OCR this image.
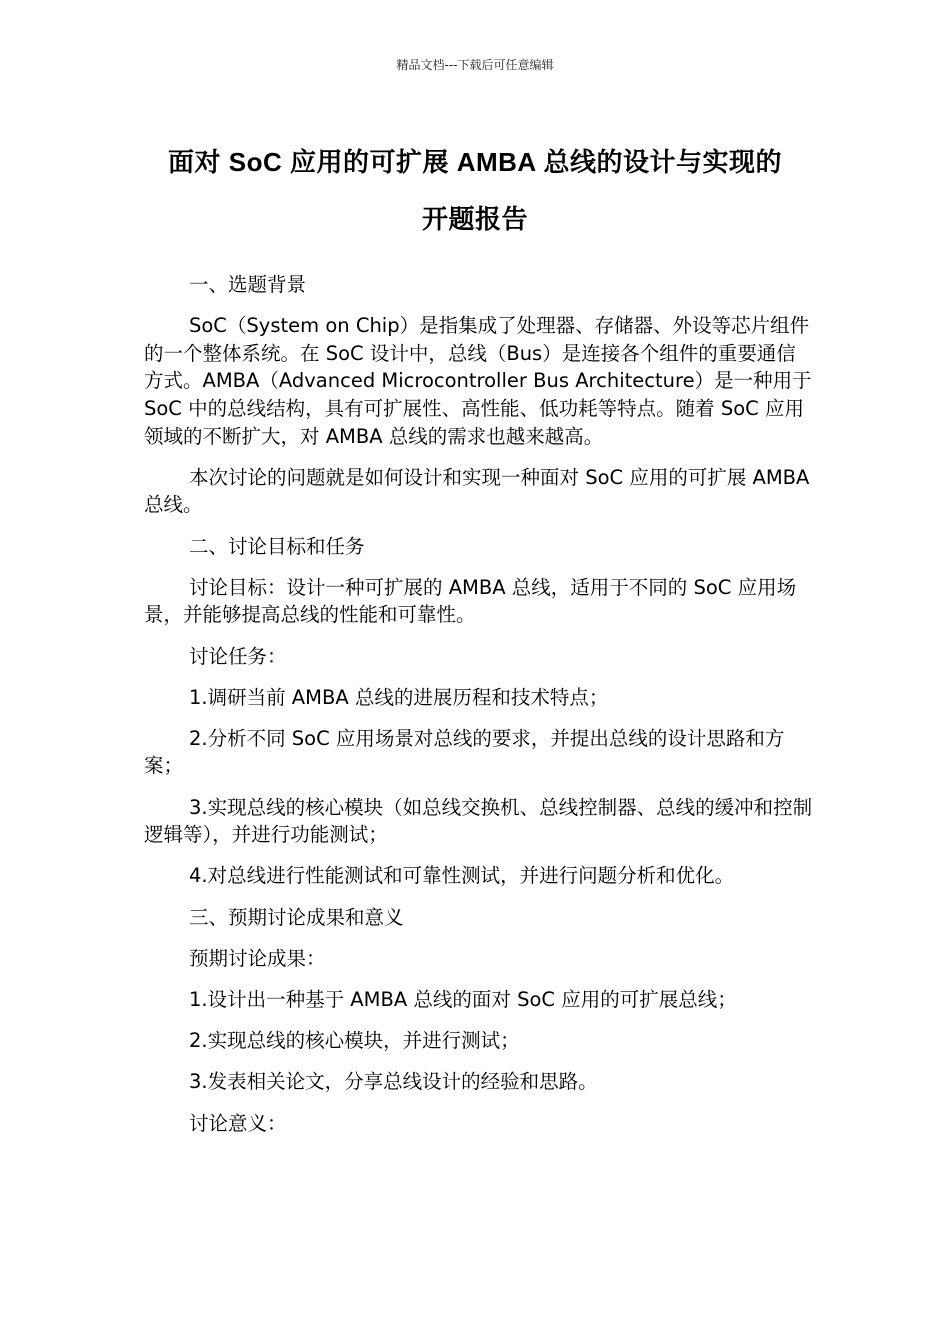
精品文档---下载后可任意编辑
面对 SoC 应用的可扩展 AMBA 总线的设计与实现的
开题报告

一、选题背景

SoC（System on Chip）是指集成了处理器、存储器、外设等芯片组件的一个整体系统。在 SoC 设计中，总线（Bus）是连接各个组件的重要通信方式。AMBA（Advanced Microcontroller Bus Architecture）是一种用于 SoC 中的总线结构，具有可扩展性、高性能、低功耗等特点。随着 SoC 应用领域的不断扩大，对 AMBA 总线的需求也越来越高。

本次讨论的问题就是如何设计和实现一种面对 SoC 应用的可扩展 AMBA 总线。

二、讨论目标和任务

讨论目标：设计一种可扩展的 AMBA 总线，适用于不同的 SoC 应用场景，并能够提高总线的性能和可靠性。

讨论任务：

1.调研当前 AMBA 总线的进展历程和技术特点；

2.分析不同 SoC 应用场景对总线的要求，并提出总线的设计思路和方案；

3.实现总线的核心模块（如总线交换机、总线控制器、总线的缓冲和控制逻辑等），并进行功能测试；

4.对总线进行性能测试和可靠性测试，并进行问题分析和优化。

三、预期讨论成果和意义

预期讨论成果：

1.设计出一种基于 AMBA 总线的面对 SoC 应用的可扩展总线；

2.实现总线的核心模块，并进行测试；

3.发表相关论文，分享总线设计的经验和思路。

讨论意义：
